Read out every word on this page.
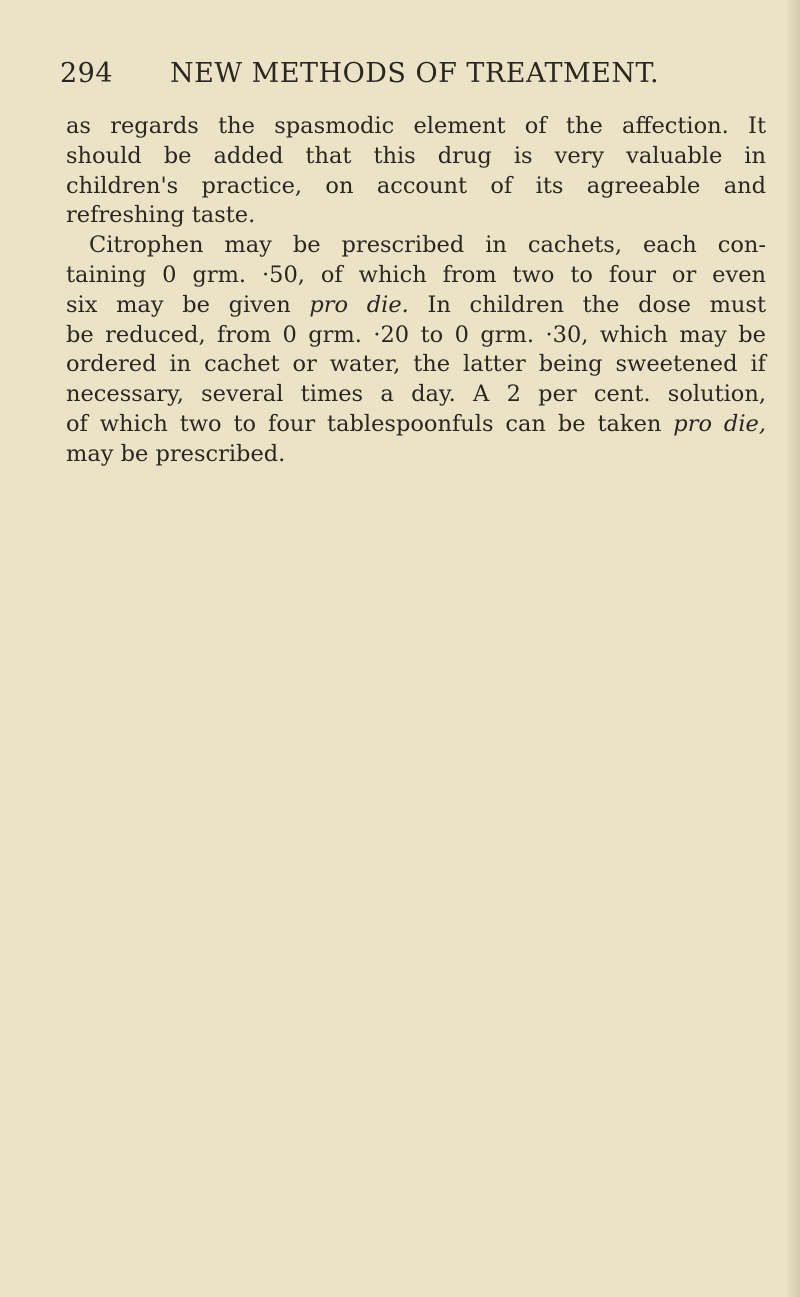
294 NEW METHODS OF TREATMENT.
as regards the spasmodic element of the affection. It
should be added that this drug is very valuable in
children's practice, on account of its agreeable and
refreshing taste.
Citrophen may be prescribed in cachets, each con-
taining 0 grm. ·50, of which from two to four or even
six may be given pro die. In children the dose must
be reduced, from 0 grm. ·20 to 0 grm. ·30, which may be
ordered in cachet or water, the latter being sweetened if
necessary, several times a day. A 2 per cent. solution,
of which two to four tablespoonfuls can be taken pro die,
may be prescribed.
